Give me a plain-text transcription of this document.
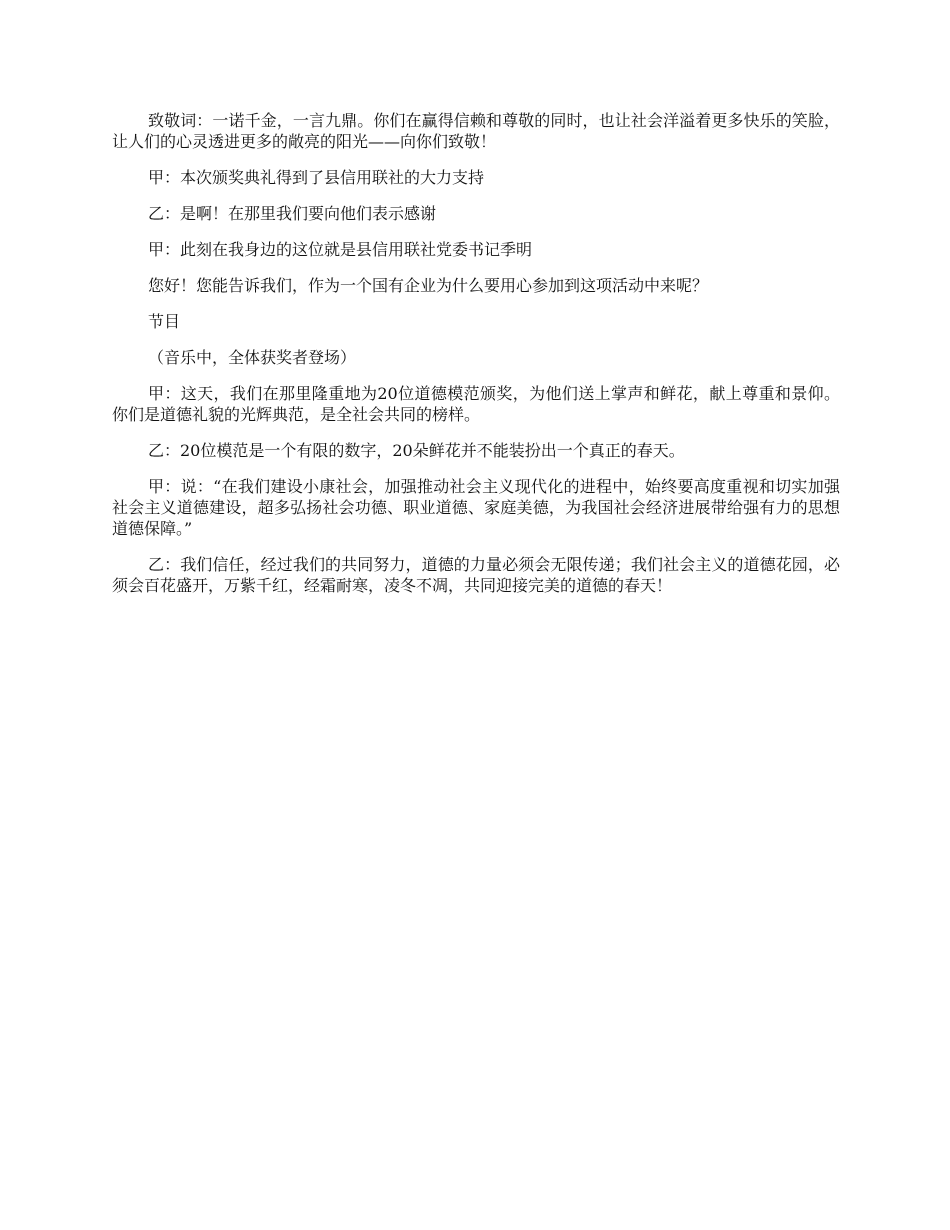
致敬词：一诺千金，一言九鼎。你们在赢得信赖和尊敬的同时，也让社会洋溢着更多快乐的笑脸，让人们的心灵透进更多的敞亮的阳光——向你们致敬！

甲：本次颁奖典礼得到了县信用联社的大力支持

乙：是啊！在那里我们要向他们表示感谢

甲：此刻在我身边的这位就是县信用联社党委书记季明

您好！您能告诉我们，作为一个国有企业为什么要用心参加到这项活动中来呢？

节目

（音乐中，全体获奖者登场）

甲：这天，我们在那里隆重地为20位道德模范颁奖，为他们送上掌声和鲜花，献上尊重和景仰。你们是道德礼貌的光辉典范，是全社会共同的榜样。

乙：20位模范是一个有限的数字，20朵鲜花并不能装扮出一个真正的春天。

甲：说：“在我们建设小康社会，加强推动社会主义现代化的进程中，始终要高度重视和切实加强社会主义道德建设，超多弘扬社会功德、职业道德、家庭美德，为我国社会经济进展带给强有力的思想道德保障。”

乙：我们信任，经过我们的共同努力，道德的力量必须会无限传递；我们社会主义的道德花园，必须会百花盛开，万紫千红，经霜耐寒，凌冬不凋，共同迎接完美的道德的春天！
